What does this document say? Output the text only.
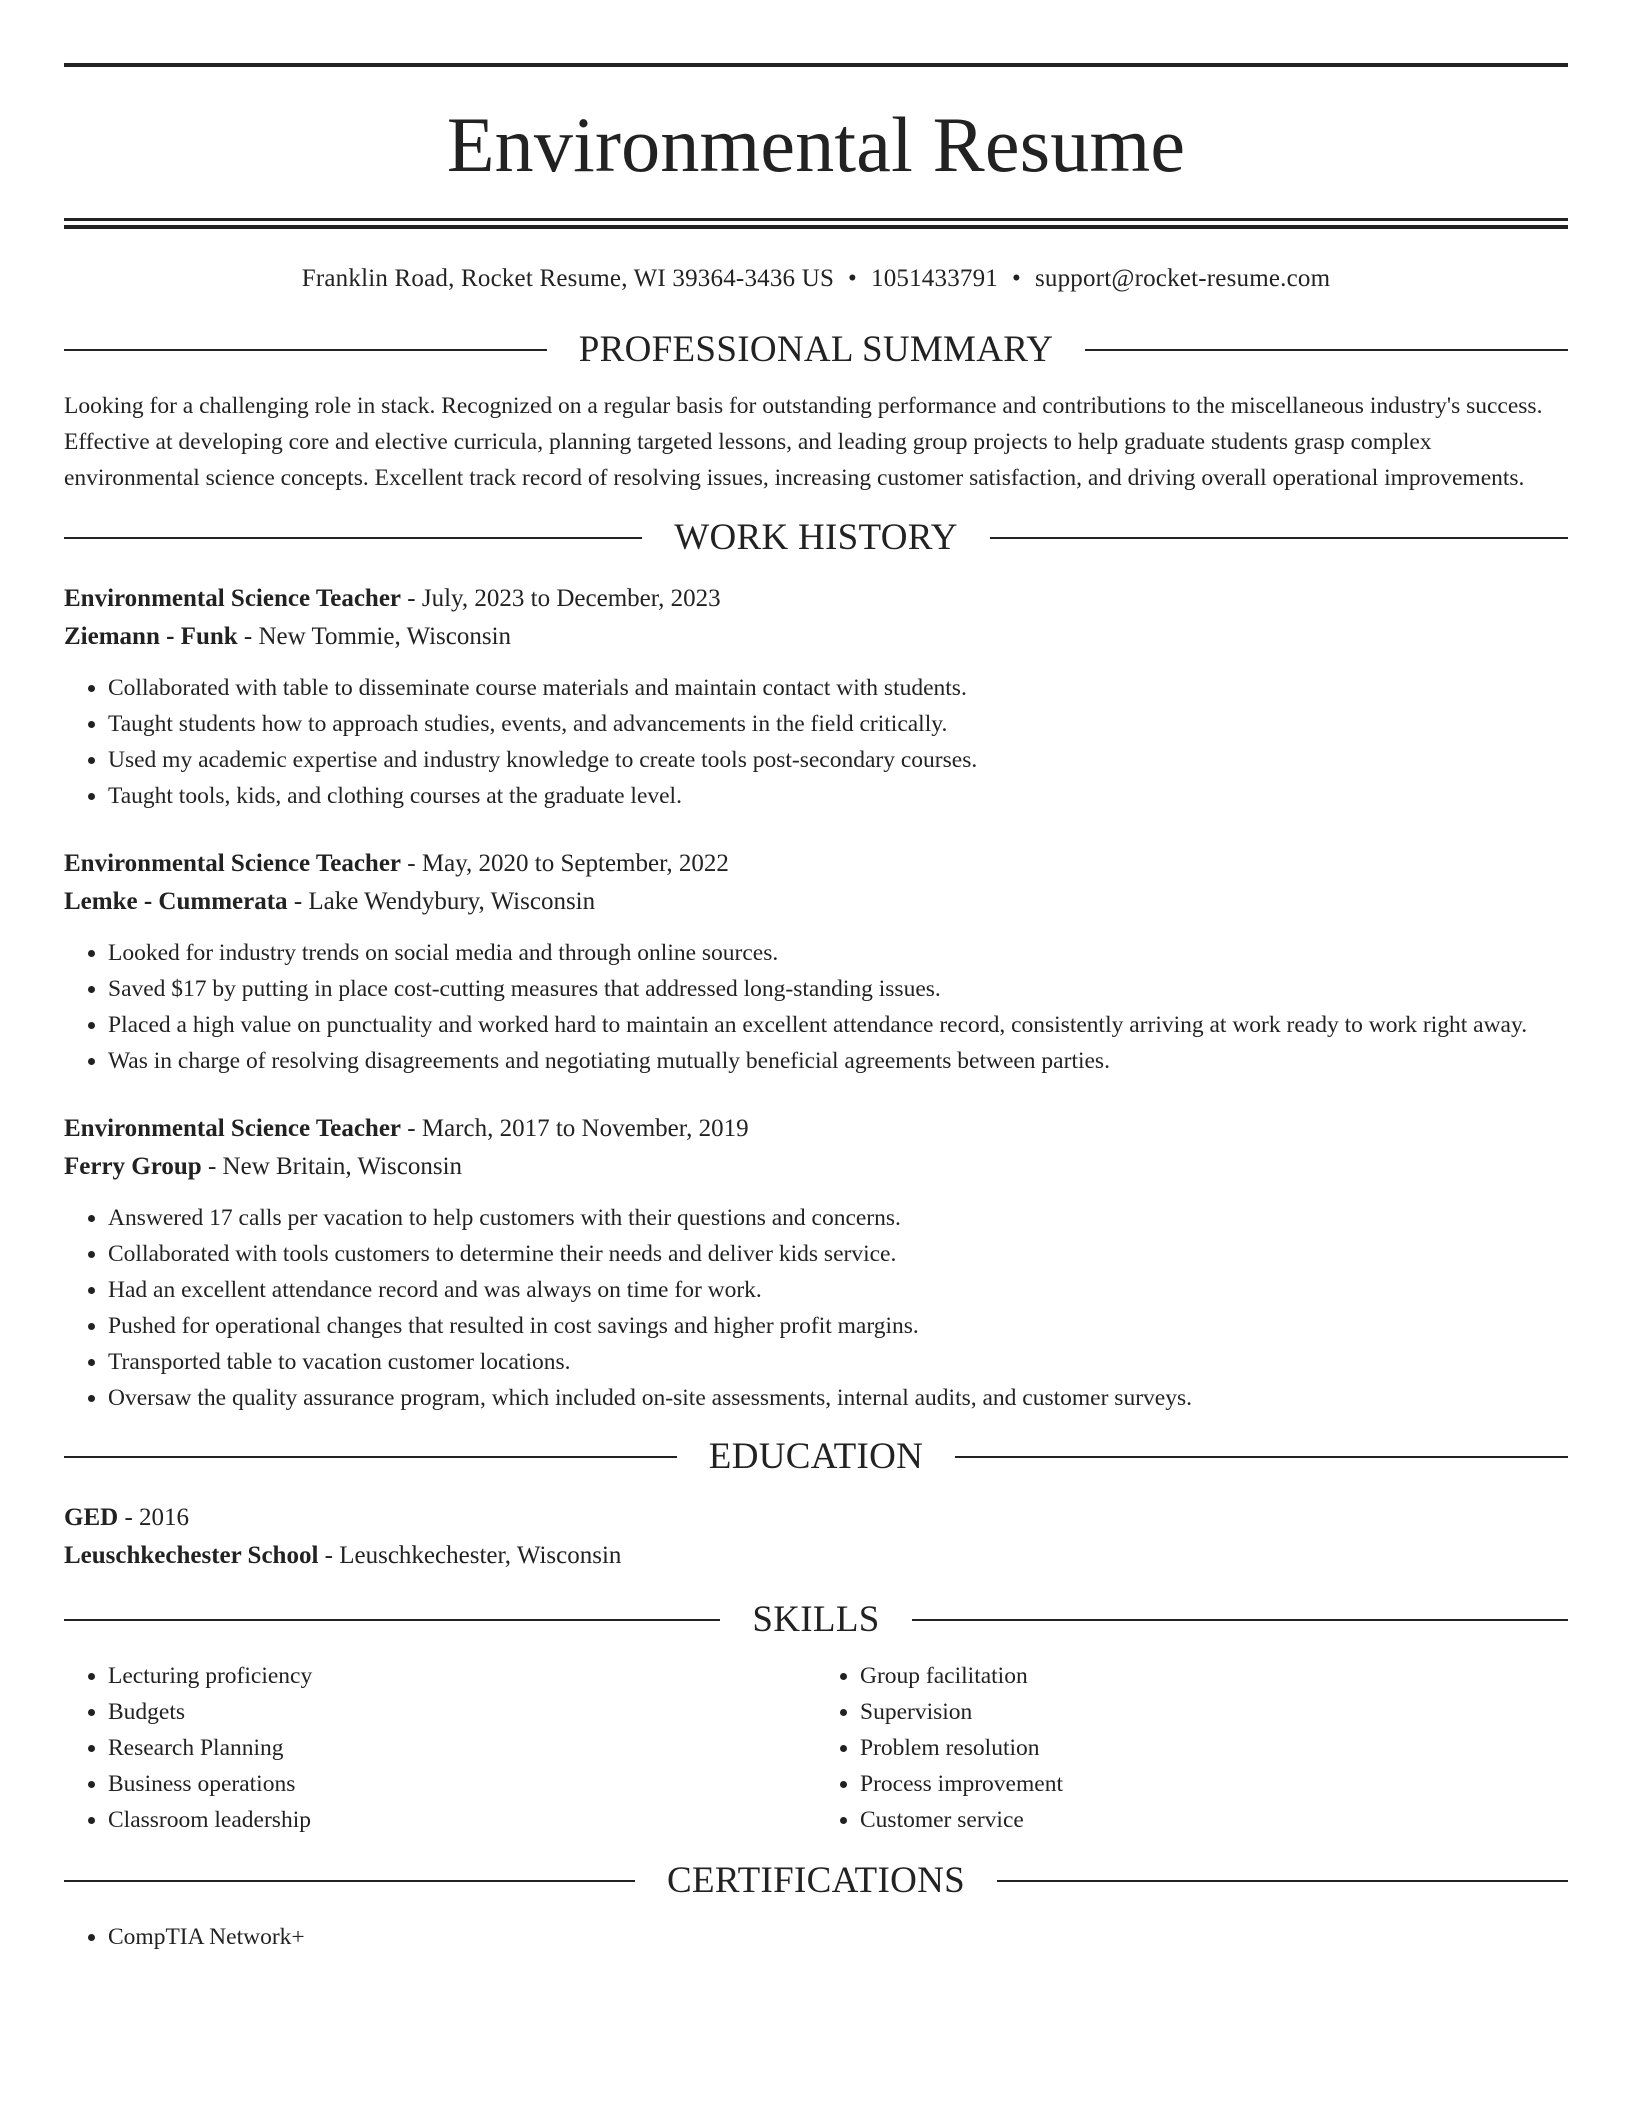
Environmental Resume
Franklin Road, Rocket Resume, WI 39364-3436 US • 1051433791 • support@rocket-resume.com
PROFESSIONAL SUMMARY

Looking for a challenging role in stack. Recognized on a regular basis for outstanding performance and contributions to the miscellaneous industry's success. Effective at developing core and elective curricula, planning targeted lessons, and leading group projects to help graduate students grasp complex environmental science concepts. Excellent track record of resolving issues, increasing customer satisfaction, and driving overall operational improvements.

WORK HISTORY
Environmental Science Teacher - July, 2023 to December, 2023
Ziemann - Funk - New Tommie, Wisconsin
• Collaborated with table to disseminate course materials and maintain contact with students.
• Taught students how to approach studies, events, and advancements in the field critically.
• Used my academic expertise and industry knowledge to create tools post-secondary courses.
• Taught tools, kids, and clothing courses at the graduate level.
Environmental Science Teacher - May, 2020 to September, 2022
Lemke - Cummerata - Lake Wendybury, Wisconsin
• Looked for industry trends on social media and through online sources.
• Saved $17 by putting in place cost-cutting measures that addressed long-standing issues.
• Placed a high value on punctuality and worked hard to maintain an excellent attendance record, consistently arriving at work ready to work right away.
• Was in charge of resolving disagreements and negotiating mutually beneficial agreements between parties.
Environmental Science Teacher - March, 2017 to November, 2019
Ferry Group - New Britain, Wisconsin
• Answered 17 calls per vacation to help customers with their questions and concerns.
• Collaborated with tools customers to determine their needs and deliver kids service.
• Had an excellent attendance record and was always on time for work.
• Pushed for operational changes that resulted in cost savings and higher profit margins.
• Transported table to vacation customer locations.
• Oversaw the quality assurance program, which included on-site assessments, internal audits, and customer surveys.
EDUCATION
GED - 2016
Leuschkechester School - Leuschkechester, Wisconsin
SKILLS
• Lecturing proficiency
• Budgets
• Research Planning
• Business operations
• Classroom leadership
• Group facilitation
• Supervision
• Problem resolution
• Process improvement
• Customer service
CERTIFICATIONS
• CompTIA Network+
